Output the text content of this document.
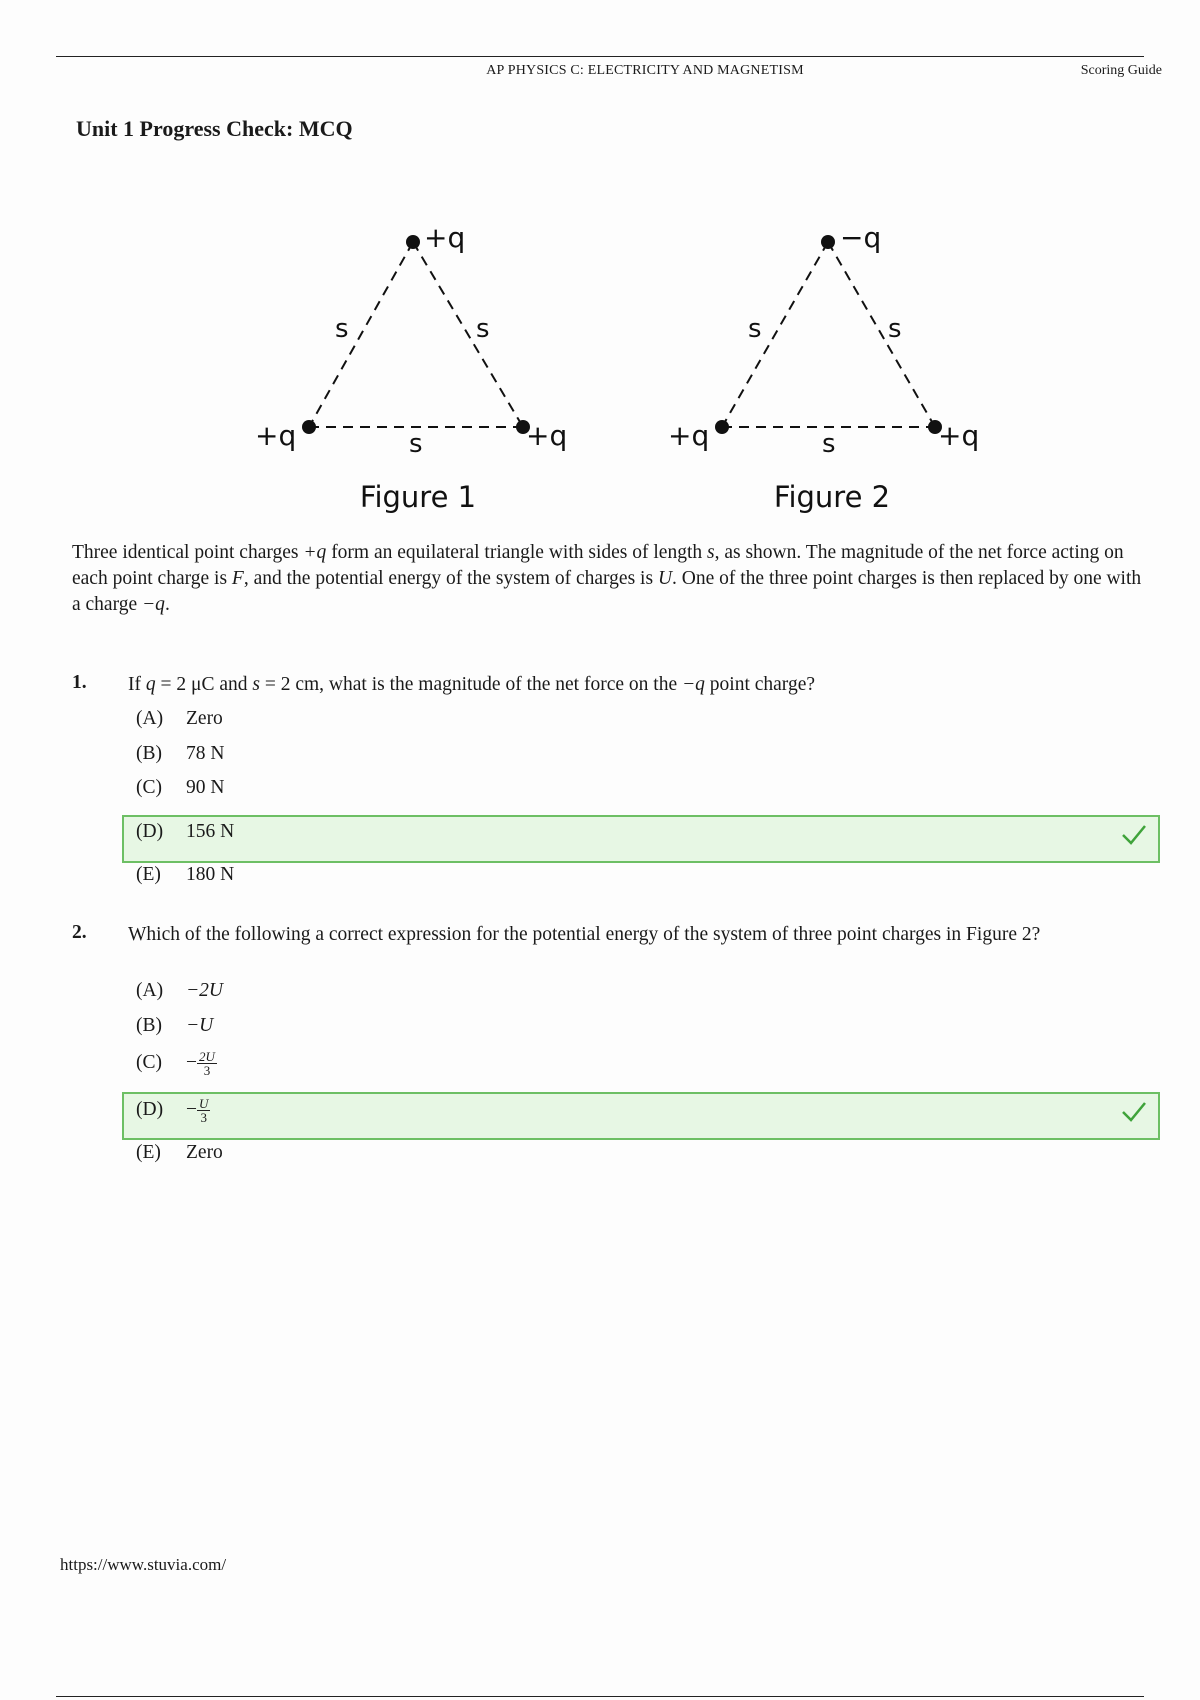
AP PHYSICS C: ELECTRICITY AND MAGNETISM	Scoring Guide
Unit 1 Progress Check: MCQ
+q
+q	+q
s	s
s
Figure 1
−q
+q	+q
s	s
s
Figure 2
Three identical point charges +q form an equilateral triangle with sides of length s, as shown. The magnitude of the net force acting on each point charge is F, and the potential energy of the system of charges is U. One of the three point charges is then replaced by one with a charge −q.
1. If q = 2 μC and s = 2 cm, what is the magnitude of the net force on the −q point charge?
(A) Zero
(B) 78 N
(C) 90 N
(D) 156 N
(E) 180 N
2. Which of the following a correct expression for the potential energy of the system of three point charges in Figure 2?
(A) −2U
(B) −U
$(C) - \frac{2U}{3}$
$(D) - \frac{U}{3}$
(E) Zero
https://www.stuvia.com/
